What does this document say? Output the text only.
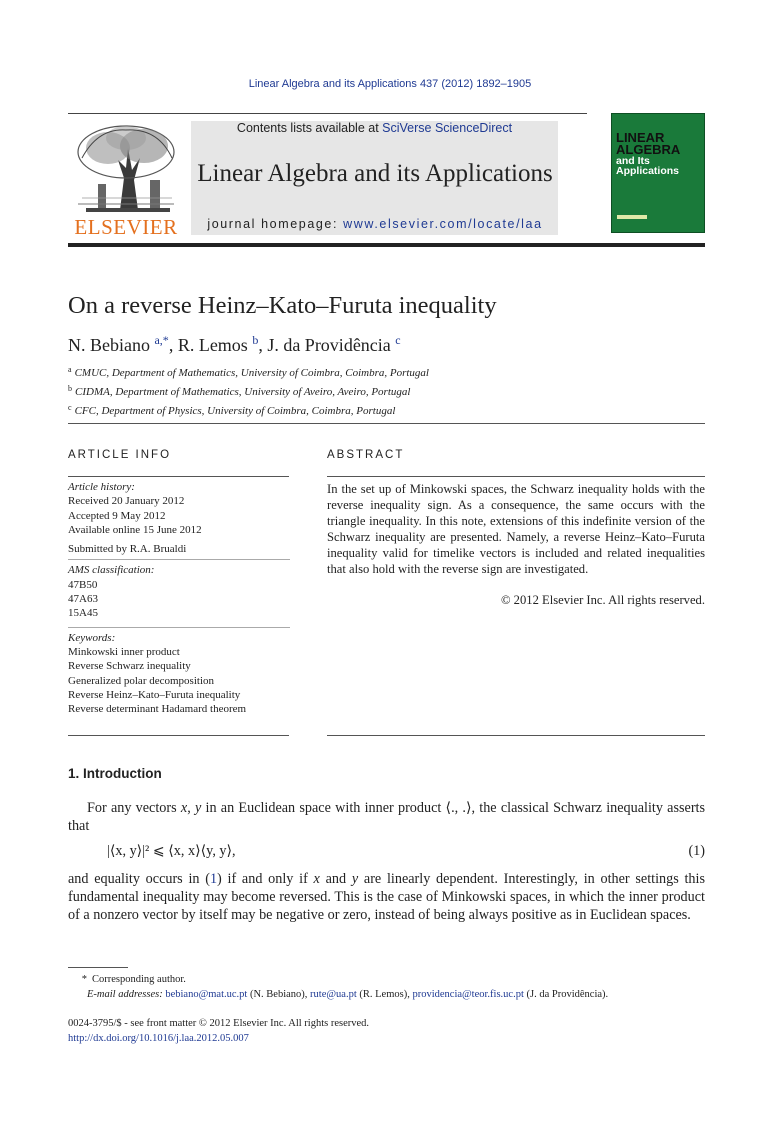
Linear Algebra and its Applications 437 (2012) 1892–1905
ELSEVIER
Contents lists available at SciVerse ScienceDirect
Linear Algebra and its Applications
journal homepage: www.elsevier.com/locate/laa
LINEAR
ALGEBRA
and Its
Applications
On a reverse Heinz–Kato–Furuta inequality
N. Bebiano $^{a,*}$, R. Lemos $^b$, J. da Providência $^c$
$^a$ CMUC, Department of Mathematics, University of Coimbra, Coimbra, Portugal
$^b$ CIDMA, Department of Mathematics, University of Aveiro, Aveiro, Portugal
$^c$ CFC, Department of Physics, University of Coimbra, Coimbra, Portugal
ARTICLE INFO	ABSTRACT
Article history:
Received 20 January 2012
Accepted 9 May 2012
Available online 15 June 2012
Submitted by R.A. Brualdi
AMS classification:
47B50
47A63
15A45
Keywords:
Minkowski inner product
Reverse Schwarz inequality
Generalized polar decomposition
Reverse Heinz–Kato–Furuta inequality
Reverse determinant Hadamard theorem
In the set up of Minkowski spaces, the Schwarz inequality holds with the reverse inequality sign. As a consequence, the same occurs with the triangle inequality. In this note, extensions of this indefinite version of the Schwarz inequality are presented. Namely, a reverse Heinz–Kato–Furuta inequality valid for timelike vectors is included and related inequalities that also hold with the reverse sign are investigated.
© 2012 Elsevier Inc. All rights reserved.
1. Introduction
For any vectors x, y in an Euclidean space with inner product ⟨., .⟩, the classical Schwarz inequality asserts that
|⟨x, y⟩|² ⩽ ⟨x, x⟩⟨y, y⟩,	(1)
and equality occurs in (1) if and only if x and y are linearly dependent. Interestingly, in other settings this fundamental inequality may become reversed. This is the case of Minkowski spaces, in which the inner product of a nonzero vector by itself may be negative or zero, instead of being always positive as in Euclidean spaces.
* Corresponding author.
E-mail addresses: bebiano@mat.uc.pt (N. Bebiano), rute@ua.pt (R. Lemos), providencia@teor.fis.uc.pt (J. da Providência).
0024-3795/$ - see front matter © 2012 Elsevier Inc. All rights reserved.
http://dx.doi.org/10.1016/j.laa.2012.05.007
